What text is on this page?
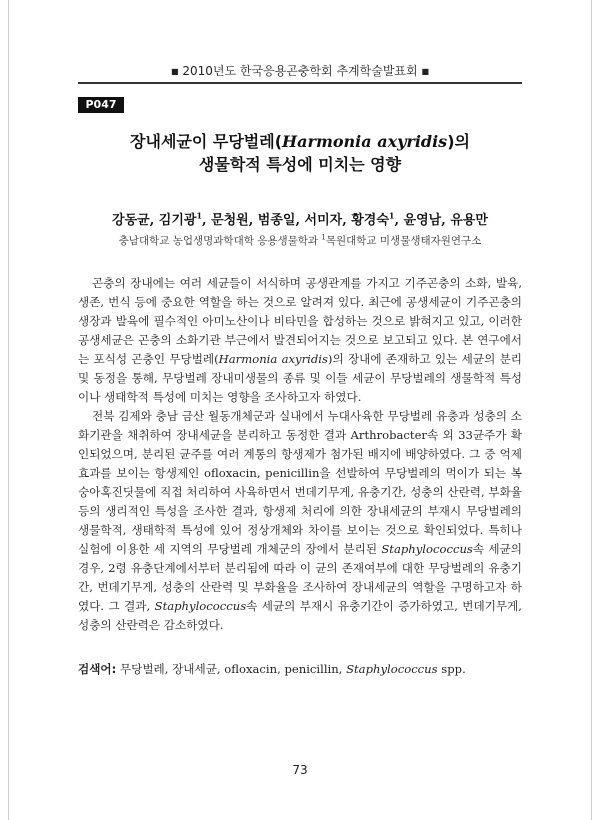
■ 2010년도 한국응용곤충학회 추계학술발표회 ■
P047
장내세균이 무당벌레(Harmonia axyridis)의
생물학적 특성에 미치는 영향
강동균, 김기광$^1$, 문청원, 범종일, 서미자, 황경숙$^1$, 윤영남, 유용만
충남대학교 농업생명과학대학 응용생물학과 $^1$목원대학교 미생물생태자원연구소

곤충의 장내에는 여러 세균들이 서식하며 공생관계를 가지고 기주곤충의 소화, 발육, 생존, 번식 등에 중요한 역할을 하는 것으로 알려져 있다. 최근에 공생세균이 기주곤충의 생장과 발육에 필수적인 아미노산이나 비타민을 합성하는 것으로 밝혀지고 있고, 이러한 공생세균은 곤충의 소화기관 부근에서 발견되어지는 것으로 보고되고 있다. 본 연구에서는 포식성 곤충인 무당벌레(Harmonia axyridis)의 장내에 존재하고 있는 세균의 분리 및 동정을 통해, 무당벌레 장내미생물의 종류 및 이들 세균이 무당벌레의 생물학적 특성이나 생태학적 특성에 미치는 영향을 조사하고자 하였다.

전북 김제와 충남 금산 월동개체군과 실내에서 누대사육한 무당벌레 유충과 성충의 소화기관을 채취하여 장내세균을 분리하고 동정한 결과 Arthrobacter속 외 33균주가 확인되었으며, 분리된 균주를 여러 계통의 항생제가 첨가된 배지에 배양하였다. 그 중 억제효과를 보이는 항생제인 ofloxacin, penicillin을 선발하여 무당벌레의 먹이가 되는 복숭아혹진딧물에 직접 처리하여 사육하면서 번데기무게, 유충기간, 성충의 산란력, 부화율 등의 생리적인 특성을 조사한 결과, 항생제 처리에 의한 장내세균의 부재시 무당벌레의 생물학적, 생태학적 특성에 있어 정상개체와 차이를 보이는 것으로 확인되었다. 특히나 실험에 이용한 세 지역의 무당벌레 개체군의 장에서 분리된 Staphylococcus속 세균의 경우, 2령 유충단계에서부터 분리됨에 따라 이 균의 존재여부에 대한 무당벌레의 유충기간, 번데기무게, 성충의 산란력 및 부화율을 조사하여 장내세균의 역할을 구명하고자 하였다. 그 결과, Staphylococcus속 세균의 부재시 유충기간이 증가하였고, 번데기무게, 성충의 산란력은 감소하였다.

검색어: 무당벌레, 장내세균, ofloxacin, penicillin, Staphylococcus spp.
73
